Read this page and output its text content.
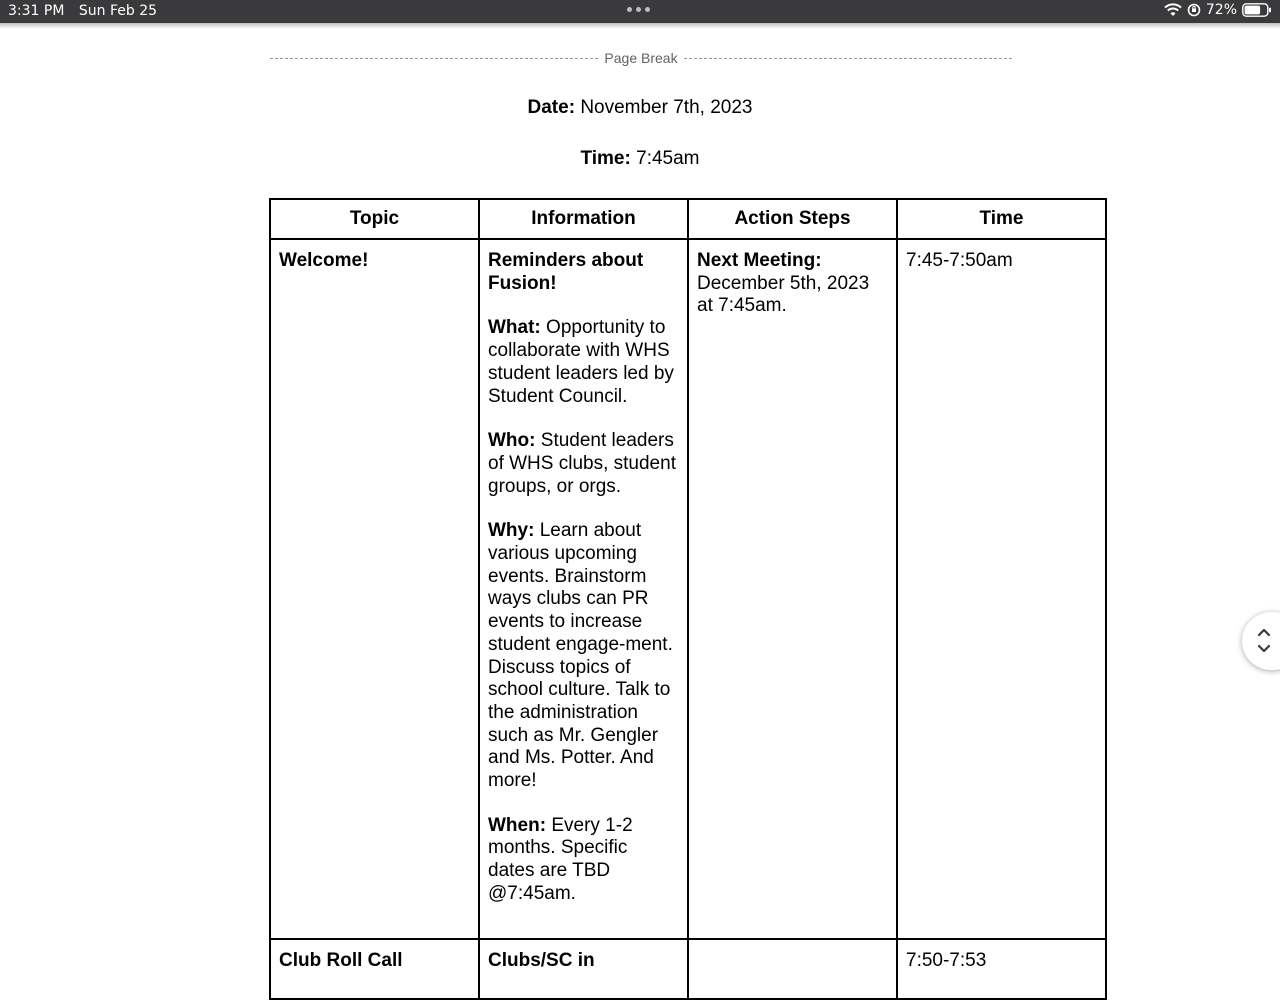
3:31 PM Sun Feb 25	72%
Page Break
Date: November 7th, 2023
Time: 7:45am
Topic	Information	Action Steps	Time
Welcome!	Reminders about Fusion!
What: Opportunity to collaborate with WHS student leaders led by Student Council.
Who: Student leaders of WHS clubs, student groups, or orgs.
Why: Learn about various upcoming events. Brainstorm ways clubs can PR events to increase student engage-ment. Discuss topics of school culture. Talk to the administration such as Mr. Gengler and Ms. Potter. And more!
When: Every 1-2 months. Specific dates are TBD @7:45am.	Next Meeting: December 5th, 2023 at 7:45am.	7:45-7:50am
Club Roll Call	Clubs/SC in		7:50-7:53
